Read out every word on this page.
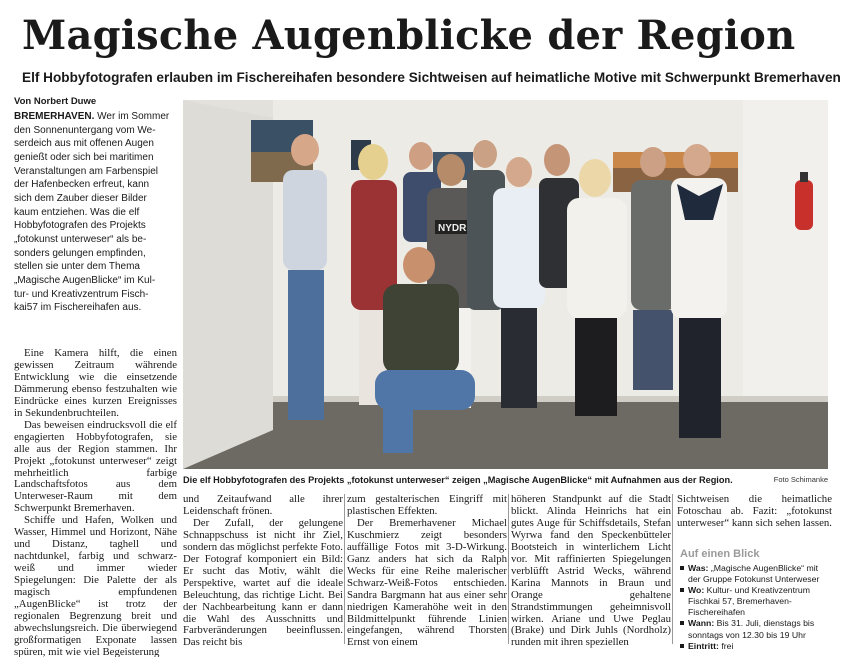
Magische Augenblicke der Region
Elf Hobbyfotografen erlauben im Fischereihafen besondere Sichtweisen auf heimatliche Motive mit Schwerpunkt Bremerhaven
Von Norbert Duwe
BREMERHAVEN. Wer im Sommer
den Sonnenuntergang vom We-
serdeich aus mit offenen Augen
genießt oder sich bei maritimen
Veranstaltungen am Farbenspiel
der Hafenbecken erfreut, kann
sich dem Zauber dieser Bilder
kaum entziehen. Was die elf
Hobbyfotografen des Projekts
„fotokunst unterweser“ als be-
sonders gelungen empfinden,
stellen sie unter dem Thema
„Magische AugenBlicke“ im Kul-
tur- und Kreativzentrum Fisch-
kai57 im Fischereihafen aus.

Eine Kamera hilft, die einen gewissen Zeitraum währende Entwicklung wie die einsetzende Dämmerung ebenso festzuhalten wie Eindrücke eines kurzen Ereignisses in Sekundenbruchteilen.

Das beweisen eindrucksvoll die elf engagierten Hobbyfotografen, sie alle aus der Region stammen. Ihr Projekt „fotokunst unterweser“ zeigt mehrheitlich farbige Landschaftsfotos aus dem Unterweser-Raum mit dem Schwerpunkt Bremerhaven.

Schiffe und Hafen, Wolken und Wasser, Himmel und Horizont, Nähe und Distanz, taghell und nachtdunkel, farbig und schwarz-weiß und immer wieder Spiegelungen: Die Palette der als magisch empfundenen „AugenBlicke“ ist trotz der regionalen Begrenzung breit und abwechslungsreich. Die überwiegend großformatigen Exponate lassen spüren, mit wie viel Begeisterung

NYDR
Die elf Hobbyfotografen des Projekts „fotokunst unterweser“ zeigen „Magische AugenBlicke“ mit Aufnahmen aus der Region.	Foto Schimanke

und Zeitaufwand alle ihrer Leidenschaft frönen.

Der Zufall, der gelungene Schnappschuss ist nicht ihr Ziel, sondern das möglichst perfekte Foto. Der Fotograf komponiert ein Bild: Er sucht das Motiv, wählt die Perspektive, wartet auf die ideale Beleuchtung, das richtige Licht. Bei der Nachbearbeitung kann er dann die Wahl des Ausschnitts und Farbveränderungen beeinflussen. Das reicht bis

zum gestalterischen Eingriff mit plastischen Effekten.

Der Bremerhavener Michael Kuschmierz zeigt besonders auffällige Fotos mit 3-D-Wirkung. Ganz anders hat sich da Ralph Wecks für eine Reihe malerischer Schwarz-Weiß-Fotos entschieden. Sandra Bargmann hat aus einer sehr niedrigen Kamerahöhe weit in den Bildmittelpunkt führende Linien eingefangen, während Thorsten Ernst von einem

höheren Standpunkt auf die Stadt blickt. Alinda Heinrichs hat ein gutes Auge für Schiffsdetails, Stefan Wyrwa fand den Speckenbütteler Bootsteich in winterlichem Licht vor. Mit raffinierten Spiegelungen verblüfft Astrid Wecks, während Karina Mannots in Braun und Orange gehaltene Strandstimmungen geheimnisvoll wirken. Ariane und Uwe Peglau (Brake) und Dirk Juhls (Nordholz) runden mit ihren speziellen

Sichtweisen die heimatliche Fotoschau ab. Fazit: „fotokunst unterweser“ kann sich sehen lassen.

Auf einen Blick
Was: „Magische AugenBlicke“ mit der Gruppe Fotokunst Unterweser
Wo: Kultur- und Kreativzentrum Fischkai 57, Bremerhaven-Fischereihafen
Wann: Bis 31. Juli, dienstags bis sonntags von 12.30 bis 19 Uhr
Eintritt: frei
